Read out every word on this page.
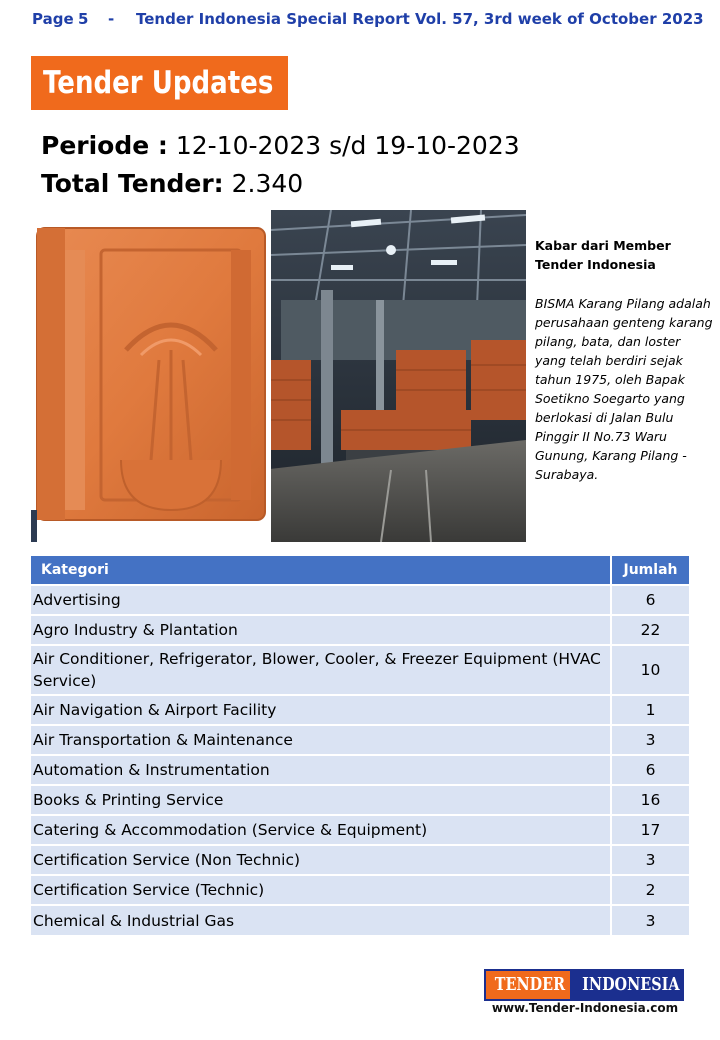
Page 5 - Tender Indonesia Special Report Vol. 57, 3rd week of October 2023
Tender Updates
Periode : 12-10-2023 s/d 19-10-2023
Total Tender: 2.340
Kabar dari Member
Tender Indonesia
BISMA Karang Pilang adalah perusahaan genteng karang pilang, bata, dan loster yang telah berdiri sejak tahun 1975, oleh Bapak Soetikno Soegarto yang berlokasi di Jalan Bulu Pinggir II No.73 Waru Gunung, Karang Pilang - Surabaya.
Kategori	Jumlah
Advertising	6
Agro Industry & Plantation	22
Air Conditioner, Refrigerator, Blower, Cooler, & Freezer Equipment (HVAC Service)	10
Air Navigation & Airport Facility	1
Air Transportation & Maintenance	3
Automation & Instrumentation	6
Books & Printing Service	16
Catering & Accommodation (Service & Equipment)	17
Certification Service (Non Technic)	3
Certification Service (Technic)	2
Chemical & Industrial Gas	3
TENDER INDONESIA
www.Tender-Indonesia.com
